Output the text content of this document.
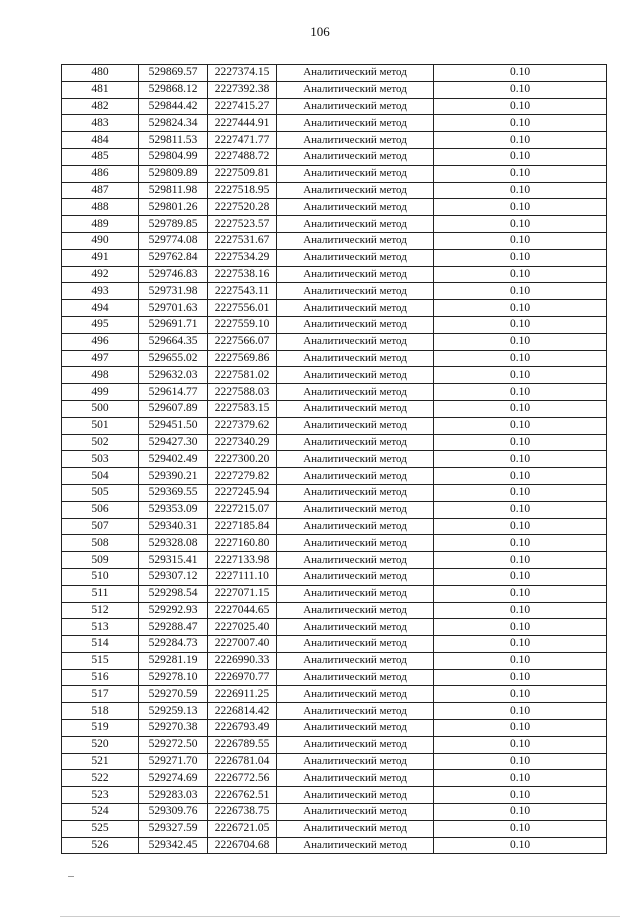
106
480	529869.57	2227374.15	Аналитический метод	0.10
481	529868.12	2227392.38	Аналитический метод	0.10
482	529844.42	2227415.27	Аналитический метод	0.10
483	529824.34	2227444.91	Аналитический метод	0.10
484	529811.53	2227471.77	Аналитический метод	0.10
485	529804.99	2227488.72	Аналитический метод	0.10
486	529809.89	2227509.81	Аналитический метод	0.10
487	529811.98	2227518.95	Аналитический метод	0.10
488	529801.26	2227520.28	Аналитический метод	0.10
489	529789.85	2227523.57	Аналитический метод	0.10
490	529774.08	2227531.67	Аналитический метод	0.10
491	529762.84	2227534.29	Аналитический метод	0.10
492	529746.83	2227538.16	Аналитический метод	0.10
493	529731.98	2227543.11	Аналитический метод	0.10
494	529701.63	2227556.01	Аналитический метод	0.10
495	529691.71	2227559.10	Аналитический метод	0.10
496	529664.35	2227566.07	Аналитический метод	0.10
497	529655.02	2227569.86	Аналитический метод	0.10
498	529632.03	2227581.02	Аналитический метод	0.10
499	529614.77	2227588.03	Аналитический метод	0.10
500	529607.89	2227583.15	Аналитический метод	0.10
501	529451.50	2227379.62	Аналитический метод	0.10
502	529427.30	2227340.29	Аналитический метод	0.10
503	529402.49	2227300.20	Аналитический метод	0.10
504	529390.21	2227279.82	Аналитический метод	0.10
505	529369.55	2227245.94	Аналитический метод	0.10
506	529353.09	2227215.07	Аналитический метод	0.10
507	529340.31	2227185.84	Аналитический метод	0.10
508	529328.08	2227160.80	Аналитический метод	0.10
509	529315.41	2227133.98	Аналитический метод	0.10
510	529307.12	2227111.10	Аналитический метод	0.10
511	529298.54	2227071.15	Аналитический метод	0.10
512	529292.93	2227044.65	Аналитический метод	0.10
513	529288.47	2227025.40	Аналитический метод	0.10
514	529284.73	2227007.40	Аналитический метод	0.10
515	529281.19	2226990.33	Аналитический метод	0.10
516	529278.10	2226970.77	Аналитический метод	0.10
517	529270.59	2226911.25	Аналитический метод	0.10
518	529259.13	2226814.42	Аналитический метод	0.10
519	529270.38	2226793.49	Аналитический метод	0.10
520	529272.50	2226789.55	Аналитический метод	0.10
521	529271.70	2226781.04	Аналитический метод	0.10
522	529274.69	2226772.56	Аналитический метод	0.10
523	529283.03	2226762.51	Аналитический метод	0.10
524	529309.76	2226738.75	Аналитический метод	0.10
525	529327.59	2226721.05	Аналитический метод	0.10
526	529342.45	2226704.68	Аналитический метод	0.10
